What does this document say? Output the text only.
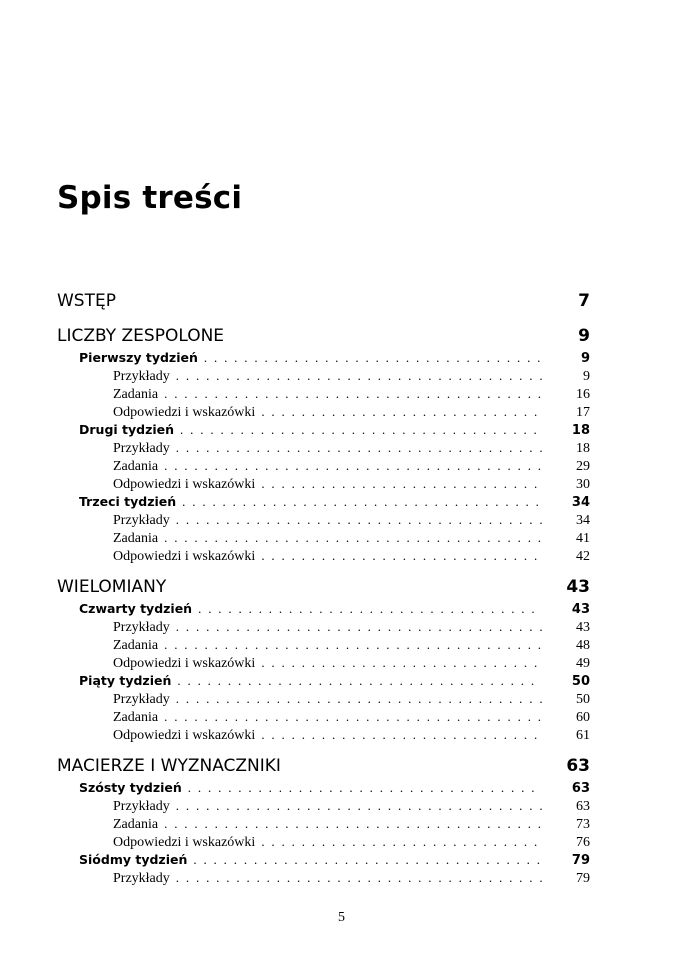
Spis treści
WSTĘP	7
LICZBY ZESPOLONE	9
Pierwszy tydzień . . .	9
Przykłady . . .	9
Zadania . . .	16
Odpowiedzi i wskazówki . . .	17
Drugi tydzień . . .	18
Przykłady . . .	18
Zadania . . .	29
Odpowiedzi i wskazówki . . .	30
Trzeci tydzień . . .	34
Przykłady . . .	34
Zadania . . .	41
Odpowiedzi i wskazówki . . .	42
WIELOMIANY	43
Czwarty tydzień . . .	43
Przykłady . . .	43
Zadania . . .	48
Odpowiedzi i wskazówki . . .	49
Piąty tydzień . . .	50
Przykłady . . .	50
Zadania . . .	60
Odpowiedzi i wskazówki . . .	61
MACIERZE I WYZNACZNIKI	63
Szósty tydzień . . .	63
Przykłady . . .	63
Zadania . . .	73
Odpowiedzi i wskazówki . . .	76
Siódmy tydzień . . .	79
Przykłady . . .	79
5
